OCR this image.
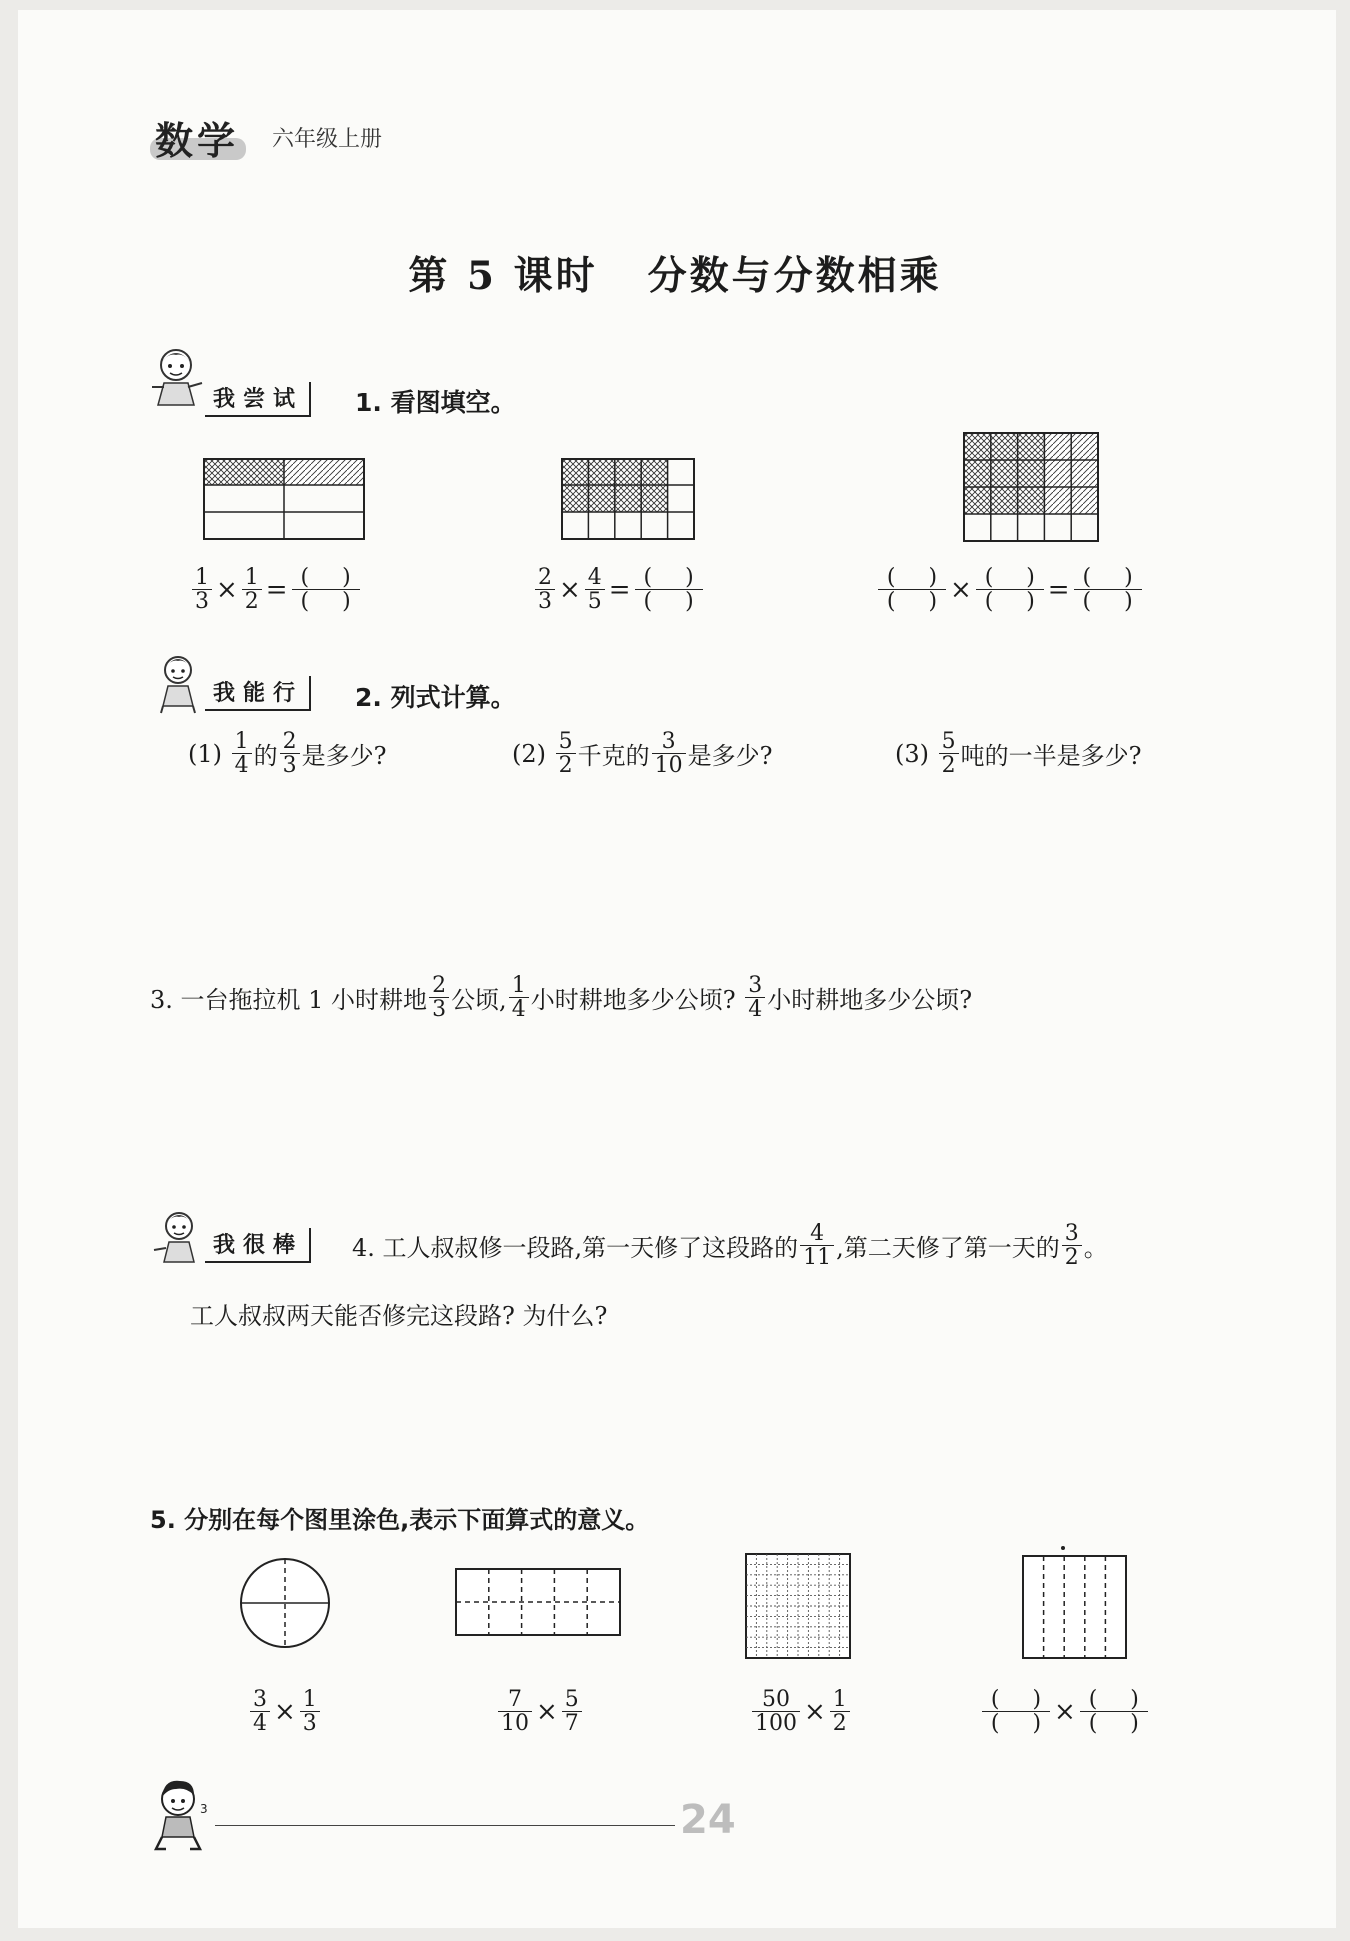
数学 六年级上册
第 5 课时 分数与分数相乘
我尝试	1. 看图填空。
$\frac{1}{3} \times \frac{1}{2} = \frac{( )}{( )}$	$\frac{2}{3} \times \frac{4}{5} = \frac{( )}{( )}$	$\frac{( )}{( )} \times \frac{( )}{( )} = \frac{( )}{( )}$
我能行	2. 列式计算。
(1)
$\frac{1}{4}$ 的 $\frac{2}{3}$ 是多少?	(2)
$\frac{5}{2}$ 千克的 $\frac{3}{10}$ 是多少?	(3)
$\frac{5}{2}$ 吨的一半是多少?
3. 一台拖拉机 1 小时耕地 $\frac{2}{3}$ 公顷, $\frac{1}{4}$ 小时耕地多少公顷?
$\frac{3}{4}$ 小时耕地多少公顷?
我很棒	4. 工人叔叔修一段路,第一天修了这段路的 $\frac{4}{11}$ ,第二天修了第一天的 $\frac{3}{2}$ 。
工人叔叔两天能否修完这段路? 为什么?
5. 分别在每个图里涂色,表示下面算式的意义。
$\frac{3}{4} \times \frac{1}{3}$	$\frac{7}{10} \times \frac{5}{7}$	$\frac{50}{100} \times \frac{1}{2}$	$\frac{( )}{( )} \times \frac{( )}{( )}$
3	24
